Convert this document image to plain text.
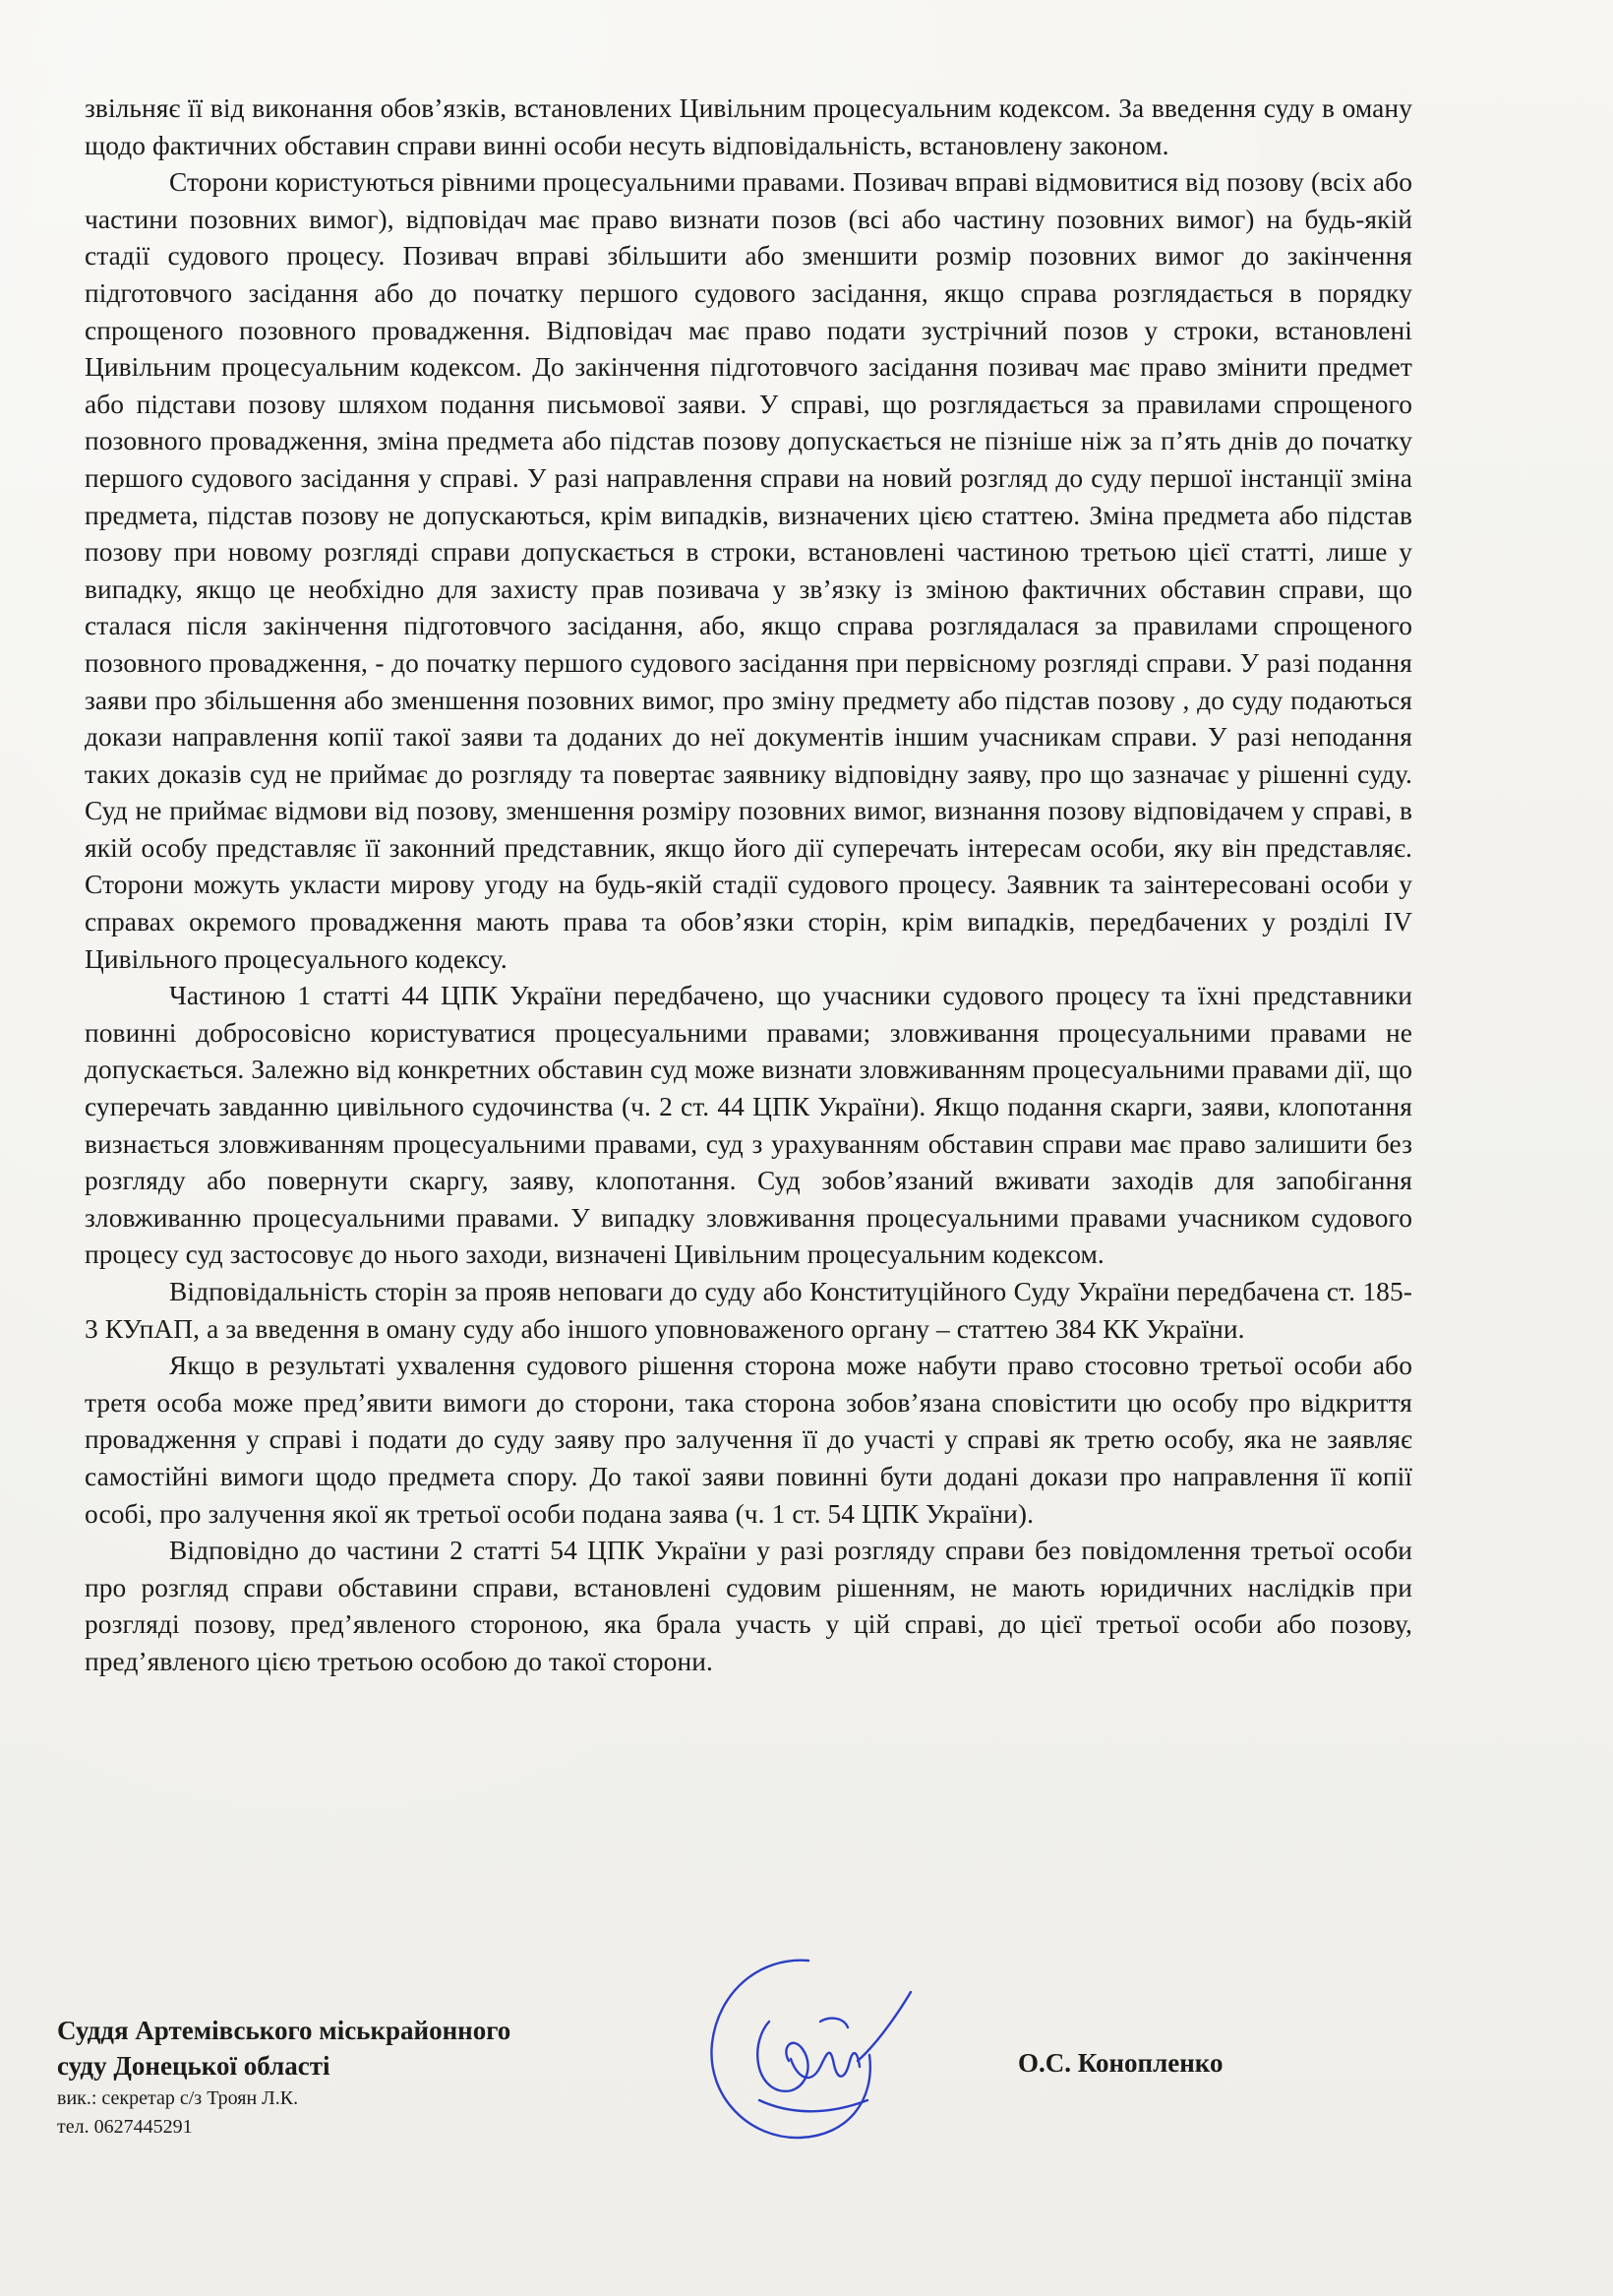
звільняє її від виконання обов’язків, встановлених Цивільним процесуальним кодексом. За введення суду в оману щодо фактичних обставин справи винні особи несуть відповідальність, встановлену законом.

Сторони користуються рівними процесуальними правами. Позивач вправі відмовитися від позову (всіх або частини позовних вимог), відповідач має право визнати позов (всі або частину позовних вимог) на будь-якій стадії судового процесу. Позивач вправі збільшити або зменшити розмір позовних вимог до закінчення підготовчого засідання або до початку першого судового засідання, якщо справа розглядається в порядку спрощеного позовного провадження. Відповідач має право подати зустрічний позов у строки, встановлені Цивільним процесуальним кодексом. До закінчення підготовчого засідання позивач має право змінити предмет або підстави позову шляхом подання письмової заяви. У справі, що розглядається за правилами спрощеного позовного провадження, зміна предмета або підстав позову допускається не пізніше ніж за п’ять днів до початку першого судового засідання у справі. У разі направлення справи на новий розгляд до суду першої інстанції зміна предмета, підстав позову не допускаються, крім випадків, визначених цією статтею. Зміна предмета або підстав позову при новому розгляді справи допускається в строки, встановлені частиною третьою цієї статті, лише у випадку, якщо це необхідно для захисту прав позивача у зв’язку із зміною фактичних обставин справи, що сталася після закінчення підготовчого засідання, або, якщо справа розглядалася за правилами спрощеного позовного провадження, - до початку першого судового засідання при первісному розгляді справи. У разі подання заяви про збільшення або зменшення позовних вимог, про зміну предмету або підстав позову , до суду подаються докази направлення копії такої заяви та доданих до неї документів іншим учасникам справи. У разі неподання таких доказів суд не приймає до розгляду та повертає заявнику відповідну заяву, про що зазначає у рішенні суду. Суд не приймає відмови від позову, зменшення розміру позовних вимог, визнання позову відповідачем у справі, в якій особу представляє її законний представник, якщо його дії суперечать інтересам особи, яку він представляє. Сторони можуть укласти мирову угоду на будь-якій стадії судового процесу. Заявник та заінтересовані особи у справах окремого провадження мають права та обов’язки сторін, крім випадків, передбачених у розділі IV Цивільного процесуального кодексу.

Частиною 1 статті 44 ЦПК України передбачено, що учасники судового процесу та їхні представники повинні добросовісно користуватися процесуальними правами; зловживання процесуальними правами не допускається. Залежно від конкретних обставин суд може визнати зловживанням процесуальними правами дії, що суперечать завданню цивільного судочинства (ч. 2 ст. 44 ЦПК України). Якщо подання скарги, заяви, клопотання визнається зловживанням процесуальними правами, суд з урахуванням обставин справи має право залишити без розгляду або повернути скаргу, заяву, клопотання. Суд зобов’язаний вживати заходів для запобігання зловживанню процесуальними правами. У випадку зловживання процесуальними правами учасником судового процесу суд застосовує до нього заходи, визначені Цивільним процесуальним кодексом.

Відповідальність сторін за прояв неповаги до суду або Конституційного Суду України передбачена ст. 185-3 КУпАП, а за введення в оману суду або іншого уповноваженого органу – статтею 384 КК України.

Якщо в результаті ухвалення судового рішення сторона може набути право стосовно третьої особи або третя особа може пред’явити вимоги до сторони, така сторона зобов’язана сповістити цю особу про відкриття провадження у справі і подати до суду заяву про залучення її до участі у справі як третю особу, яка не заявляє самостійні вимоги щодо предмета спору. До такої заяви повинні бути додані докази про направлення її копії особі, про залучення якої як третьої особи подана заява (ч. 1 ст. 54 ЦПК України).

Відповідно до частини 2 статті 54 ЦПК України у разі розгляду справи без повідомлення третьої особи про розгляд справи обставини справи, встановлені судовим рішенням, не мають юридичних наслідків при розгляді позову, пред’явленого стороною, яка брала участь у цій справі, до цієї третьої особи або позову, пред’явленого цією третьою особою до такої сторони.

Суддя Артемівського міськрайонного
суду Донецької області
вик.: секретар с/з Троян Л.К.
тел. 0627445291
О.С. Конопленко
